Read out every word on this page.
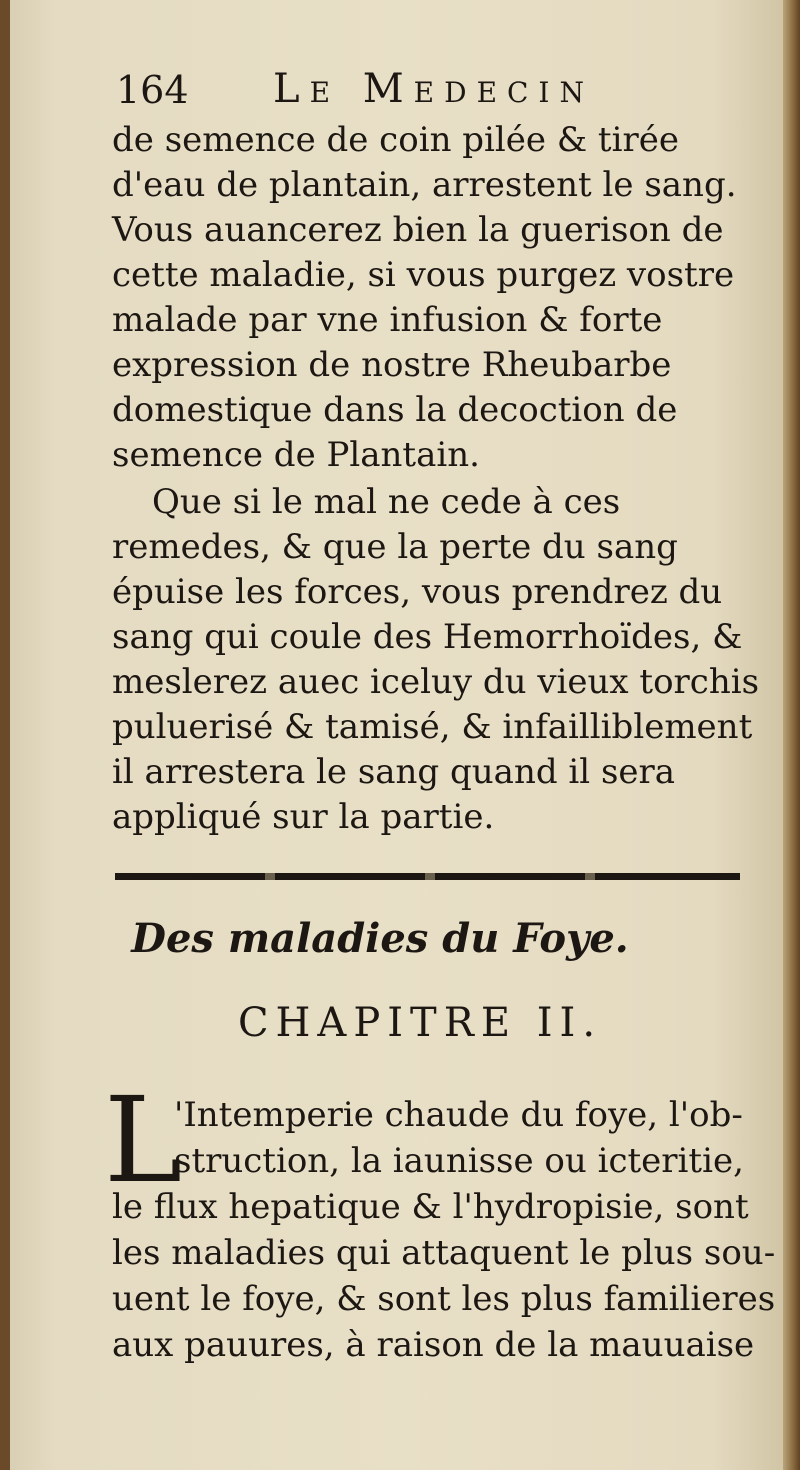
164 Le Medecin

de semence de coin pilée & tirée d'eau de plantain, arrestent le sang. Vous auancerez bien la guerison de cette maladie, si vous purgez vostre malade par vne infusion & forte expression de nostre Rheubarbe domestique dans la decoction de semence de Plantain.

Que si le mal ne cede à ces remedes, & que la perte du sang épuise les forces, vous prendrez du sang qui coule des Hemorrhoïdes, & meslerez auec iceluy du vieux torchis puluerisé & tamisé, & infailliblement il arrestera le sang quand il sera appliqué sur la partie.

Des maladies du Foye.
CHAPITRE II.
L
'Intemperie chaude du foye, l'ob-
struction, la iaunisse ou icteritie,
le flux hepatique & l'hydropisie, sont
les maladies qui attaquent le plus sou-
uent le foye, & sont les plus familieres
aux pauures, à raison de la mauuaise
